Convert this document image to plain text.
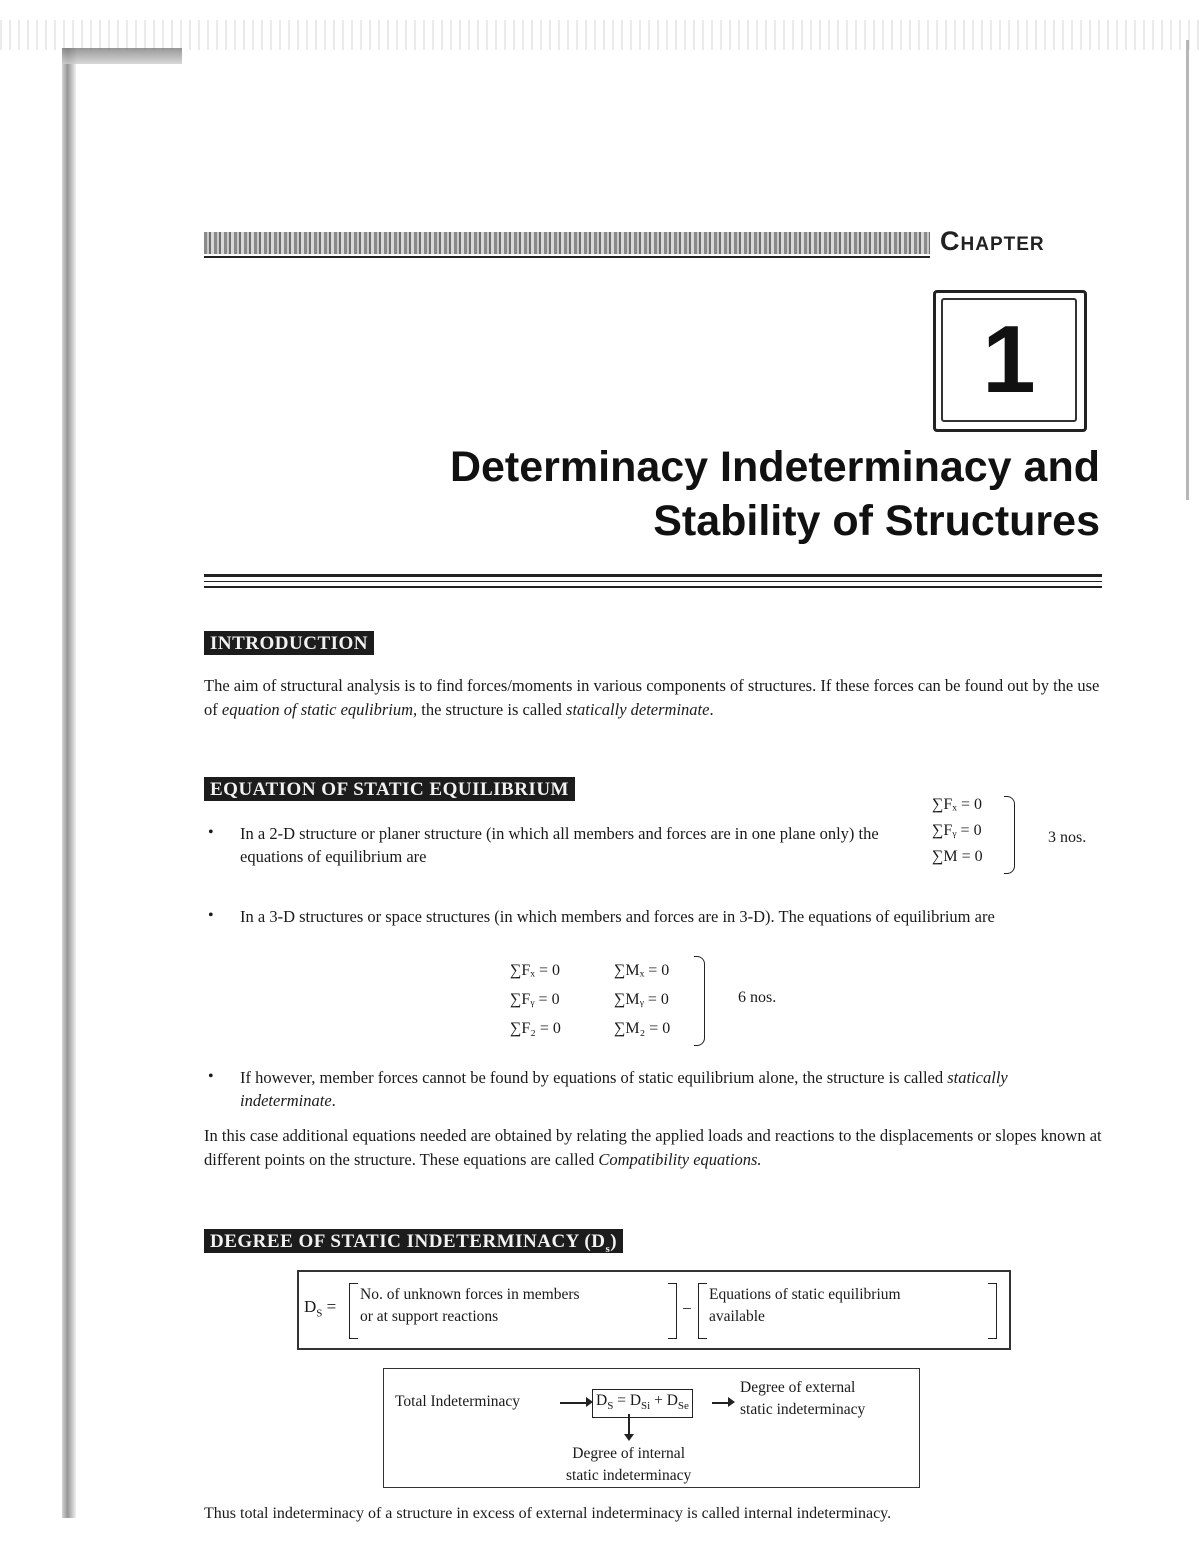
Chapter
1
Determinacy Indeterminacy and
Stability of Structures
INTRODUCTION
The aim of structural analysis is to find forces/moments in various components of structures. If these forces can be found out by the use of equation of static equlibrium, the structure is called statically determinate.
EQUATION OF STATIC EQUILIBRIUM
• In a 2-D structure or planer structure (in which all members and forces are in one plane only) the equations of equilibrium are
∑Fₓ = 0
∑Fᵧ = 0
∑M = 0
3 nos.
• In a 3-D structures or space structures (in which members and forces are in 3-D). The equations of equilibrium are
∑Fₓ = 0
∑Fᵧ = 0
∑F₂ = 0
∑Mₓ = 0
∑Mᵧ = 0
∑M₂ = 0
6 nos.
• If however, member forces cannot be found by equations of static equilibrium alone, the structure is called statically indeterminate.
In this case additional equations needed are obtained by relating the applied loads and reactions to the displacements or slopes known at different points on the structure. These equations are called Compatibility equations.
DEGREE OF STATIC INDETERMINACY $(D_s)$
$D_S$ =
No. of unknown forces in members
or at support reactions	−
Equations of static equilibrium
available
Total Indeterminacy	$D_S = D_{Si} + D_{Se}$
Degree of external
static indeterminacy
Degree of internal
static indeterminacy
Thus total indeterminacy of a structure in excess of external indeterminacy is called internal indeterminacy.
